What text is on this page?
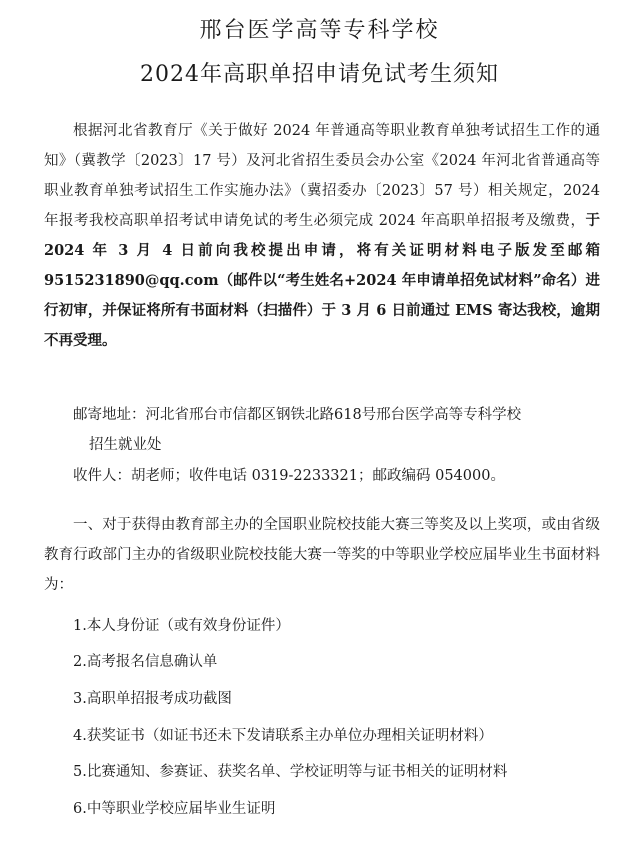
邢台医学高等专科学校
2024年高职单招申请免试考生须知
根据河北省教育厅《关于做好 2024 年普通高等职业教育单独考试招生工作的通知》（冀教学〔2023〕17 号）及河北省招生委员会办公室《2024 年河北省普通高等职业教育单独考试招生工作实施办法》（冀招委办〔2023〕57 号）相关规定，2024 年报考我校高职单招考试申请免试的考生必须完成 2024 年高职单招报考及缴费，于 2024 年 3 月 4 日前向我校提出申请，将有关证明材料电子版发至邮箱 9515231890@qq.com（邮件以“考生姓名+2024 年申请单招免试材料”命名）进行初审，并保证将所有书面材料（扫描件）于 3 月 6 日前通过 EMS 寄达我校，逾期不再受理。
邮寄地址：河北省邢台市信都区钢铁北路618号邢台医学高等专科学校
招生就业处
收件人：胡老师；收件电话 0319-2233321；邮政编码 054000。
一、对于获得由教育部主办的全国职业院校技能大赛三等奖及以上奖项，或由省级教育行政部门主办的省级职业院校技能大赛一等奖的中等职业学校应届毕业生书面材料为：
1.本人身份证（或有效身份证件）
2.高考报名信息确认单
3.高职单招报考成功截图
4.获奖证书（如证书还未下发请联系主办单位办理相关证明材料）
5.比赛通知、参赛证、获奖名单、学校证明等与证书相关的证明材料
6.中等职业学校应届毕业生证明
